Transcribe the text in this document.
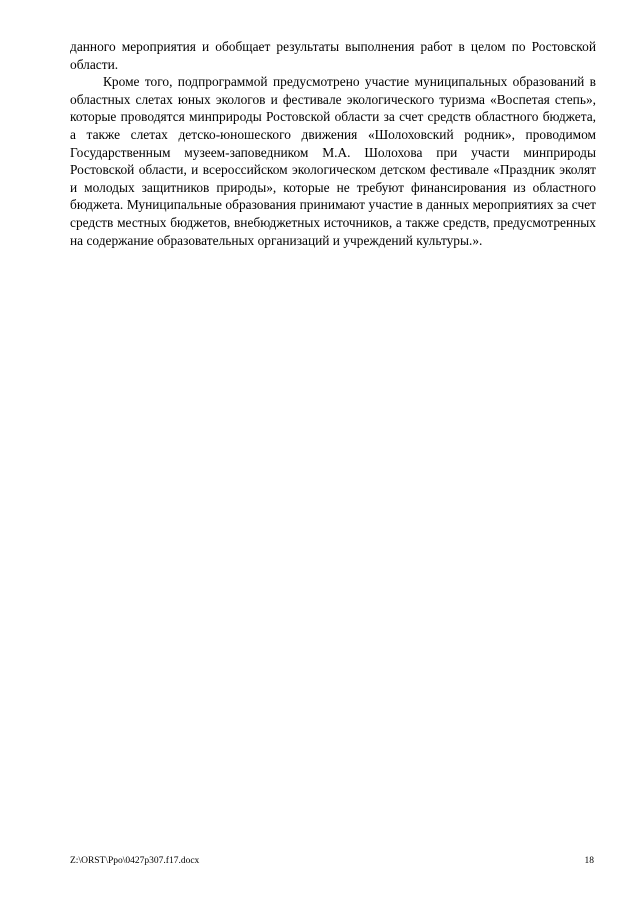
данного мероприятия и обобщает результаты выполнения работ в целом по Ростовской области.

Кроме того, подпрограммой предусмотрено участие муниципальных образований в областных слетах юных экологов и фестивале экологического туризма «Воспетая степь», которые проводятся минприроды Ростовской области за счет средств областного бюджета, а также слетах детско-юношеского движения «Шолоховский родник», проводимом Государственным музеем-заповедником М.А. Шолохова при участи минприроды Ростовской области, и всероссийском экологическом детском фестивале «Праздник эколят и молодых защитников природы», которые не требуют финансирования из областного бюджета. Муниципальные образования принимают участие в данных мероприятиях за счет средств местных бюджетов, внебюджетных источников, а также средств, предусмотренных на содержание образовательных организаций и учреждений культуры.».

Z:\ORST\Ppo\0427p307.f17.docx	18
